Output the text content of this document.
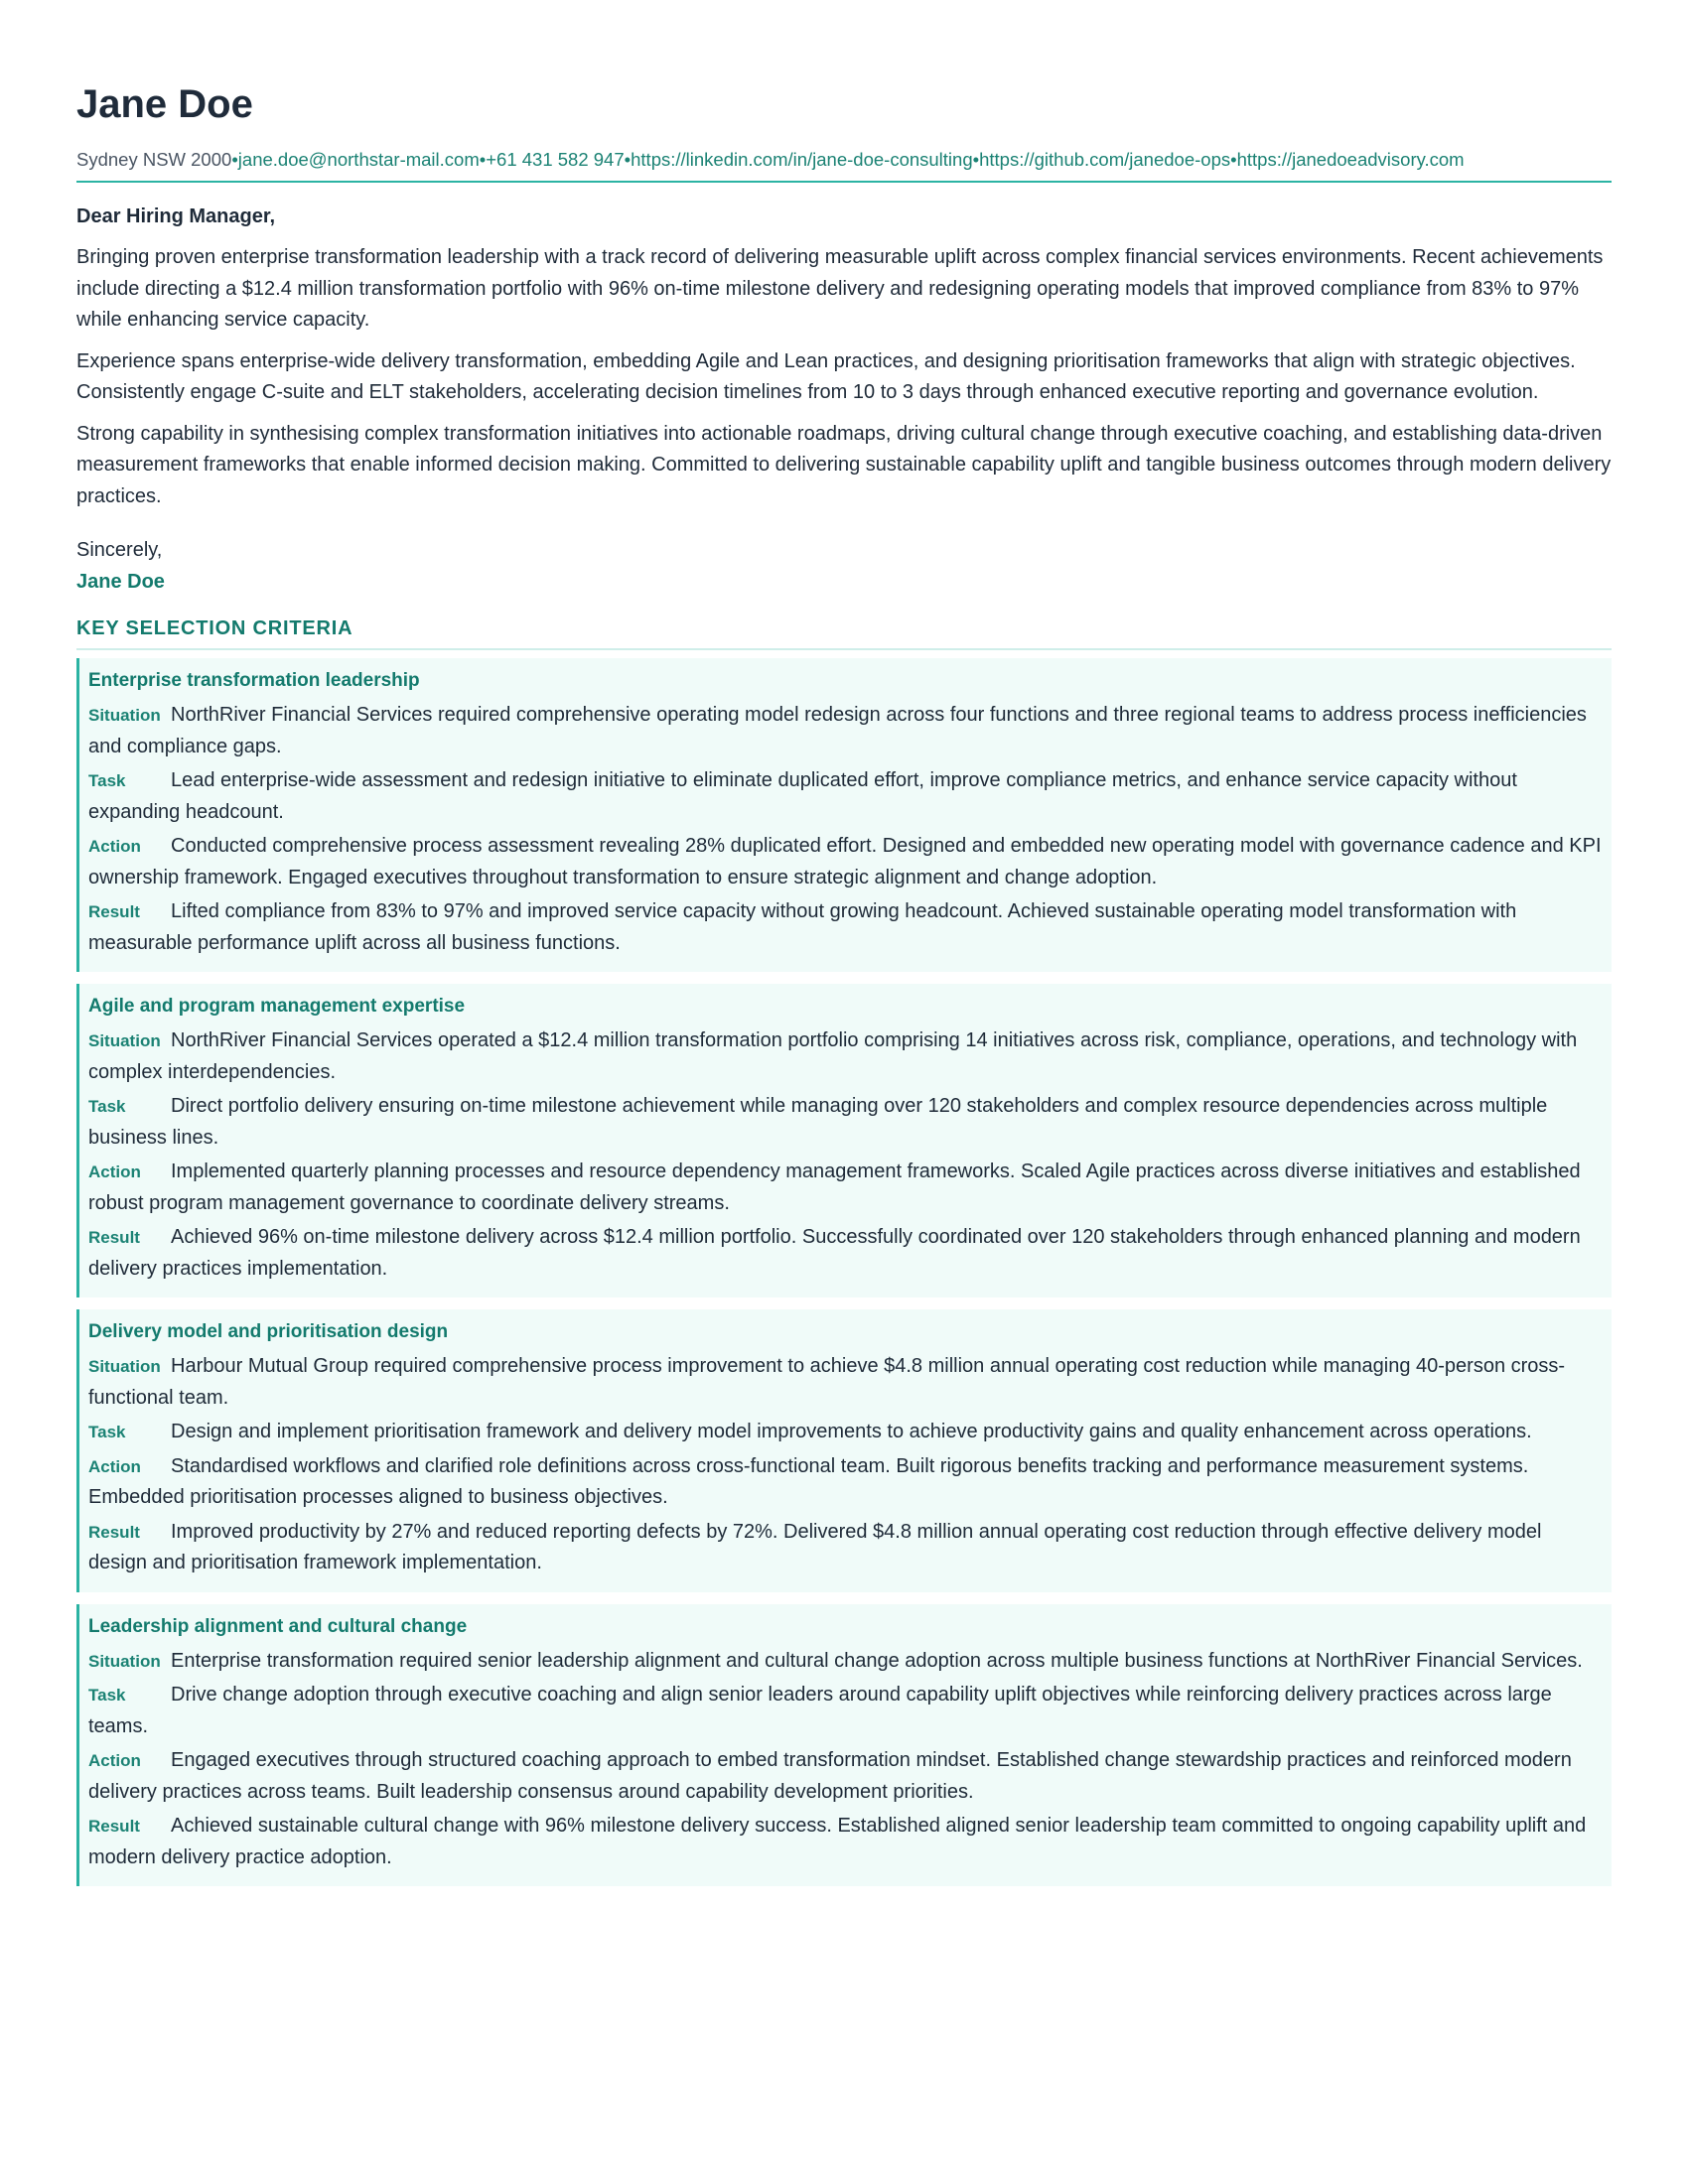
Jane Doe
Sydney NSW 2000•jane.doe@northstar-mail.com•+61 431 582 947•https://linkedin.com/in/jane-doe-consulting•https://github.com/janedoe-ops•https://janedoeadvisory.com

Dear Hiring Manager,

Bringing proven enterprise transformation leadership with a track record of delivering measurable uplift across complex financial services environments. Recent achievements include directing a $12.4 million transformation portfolio with 96% on-time milestone delivery and redesigning operating models that improved compliance from 83% to 97% while enhancing service capacity.

Experience spans enterprise-wide delivery transformation, embedding Agile and Lean practices, and designing prioritisation frameworks that align with strategic objectives. Consistently engage C-suite and ELT stakeholders, accelerating decision timelines from 10 to 3 days through enhanced executive reporting and governance evolution.

Strong capability in synthesising complex transformation initiatives into actionable roadmaps, driving cultural change through executive coaching, and establishing data-driven measurement frameworks that enable informed decision making. Committed to delivering sustainable capability uplift and tangible business outcomes through modern delivery practices.

Sincerely,
Jane Doe
KEY SELECTION CRITERIA
Enterprise transformation leadership
Situation NorthRiver Financial Services required comprehensive operating model redesign across four functions and three regional teams to address process inefficiencies and compliance gaps.
Task Lead enterprise-wide assessment and redesign initiative to eliminate duplicated effort, improve compliance metrics, and enhance service capacity without expanding headcount.
Action Conducted comprehensive process assessment revealing 28% duplicated effort. Designed and embedded new operating model with governance cadence and KPI ownership framework. Engaged executives throughout transformation to ensure strategic alignment and change adoption.
Result Lifted compliance from 83% to 97% and improved service capacity without growing headcount. Achieved sustainable operating model transformation with measurable performance uplift across all business functions.
Agile and program management expertise
Situation NorthRiver Financial Services operated a $12.4 million transformation portfolio comprising 14 initiatives across risk, compliance, operations, and technology with complex interdependencies.
Task Direct portfolio delivery ensuring on-time milestone achievement while managing over 120 stakeholders and complex resource dependencies across multiple business lines.
Action Implemented quarterly planning processes and resource dependency management frameworks. Scaled Agile practices across diverse initiatives and established robust program management governance to coordinate delivery streams.
Result Achieved 96% on-time milestone delivery across $12.4 million portfolio. Successfully coordinated over 120 stakeholders through enhanced planning and modern delivery practices implementation.
Delivery model and prioritisation design
Situation Harbour Mutual Group required comprehensive process improvement to achieve $4.8 million annual operating cost reduction while managing 40-person cross-functional team.
Task Design and implement prioritisation framework and delivery model improvements to achieve productivity gains and quality enhancement across operations.
Action Standardised workflows and clarified role definitions across cross-functional team. Built rigorous benefits tracking and performance measurement systems. Embedded prioritisation processes aligned to business objectives.
Result Improved productivity by 27% and reduced reporting defects by 72%. Delivered $4.8 million annual operating cost reduction through effective delivery model design and prioritisation framework implementation.
Leadership alignment and cultural change
Situation Enterprise transformation required senior leadership alignment and cultural change adoption across multiple business functions at NorthRiver Financial Services.
Task Drive change adoption through executive coaching and align senior leaders around capability uplift objectives while reinforcing delivery practices across large teams.
Action Engaged executives through structured coaching approach to embed transformation mindset. Established change stewardship practices and reinforced modern delivery practices across teams. Built leadership consensus around capability development priorities.
Result Achieved sustainable cultural change with 96% milestone delivery success. Established aligned senior leadership team committed to ongoing capability uplift and modern delivery practice adoption.
